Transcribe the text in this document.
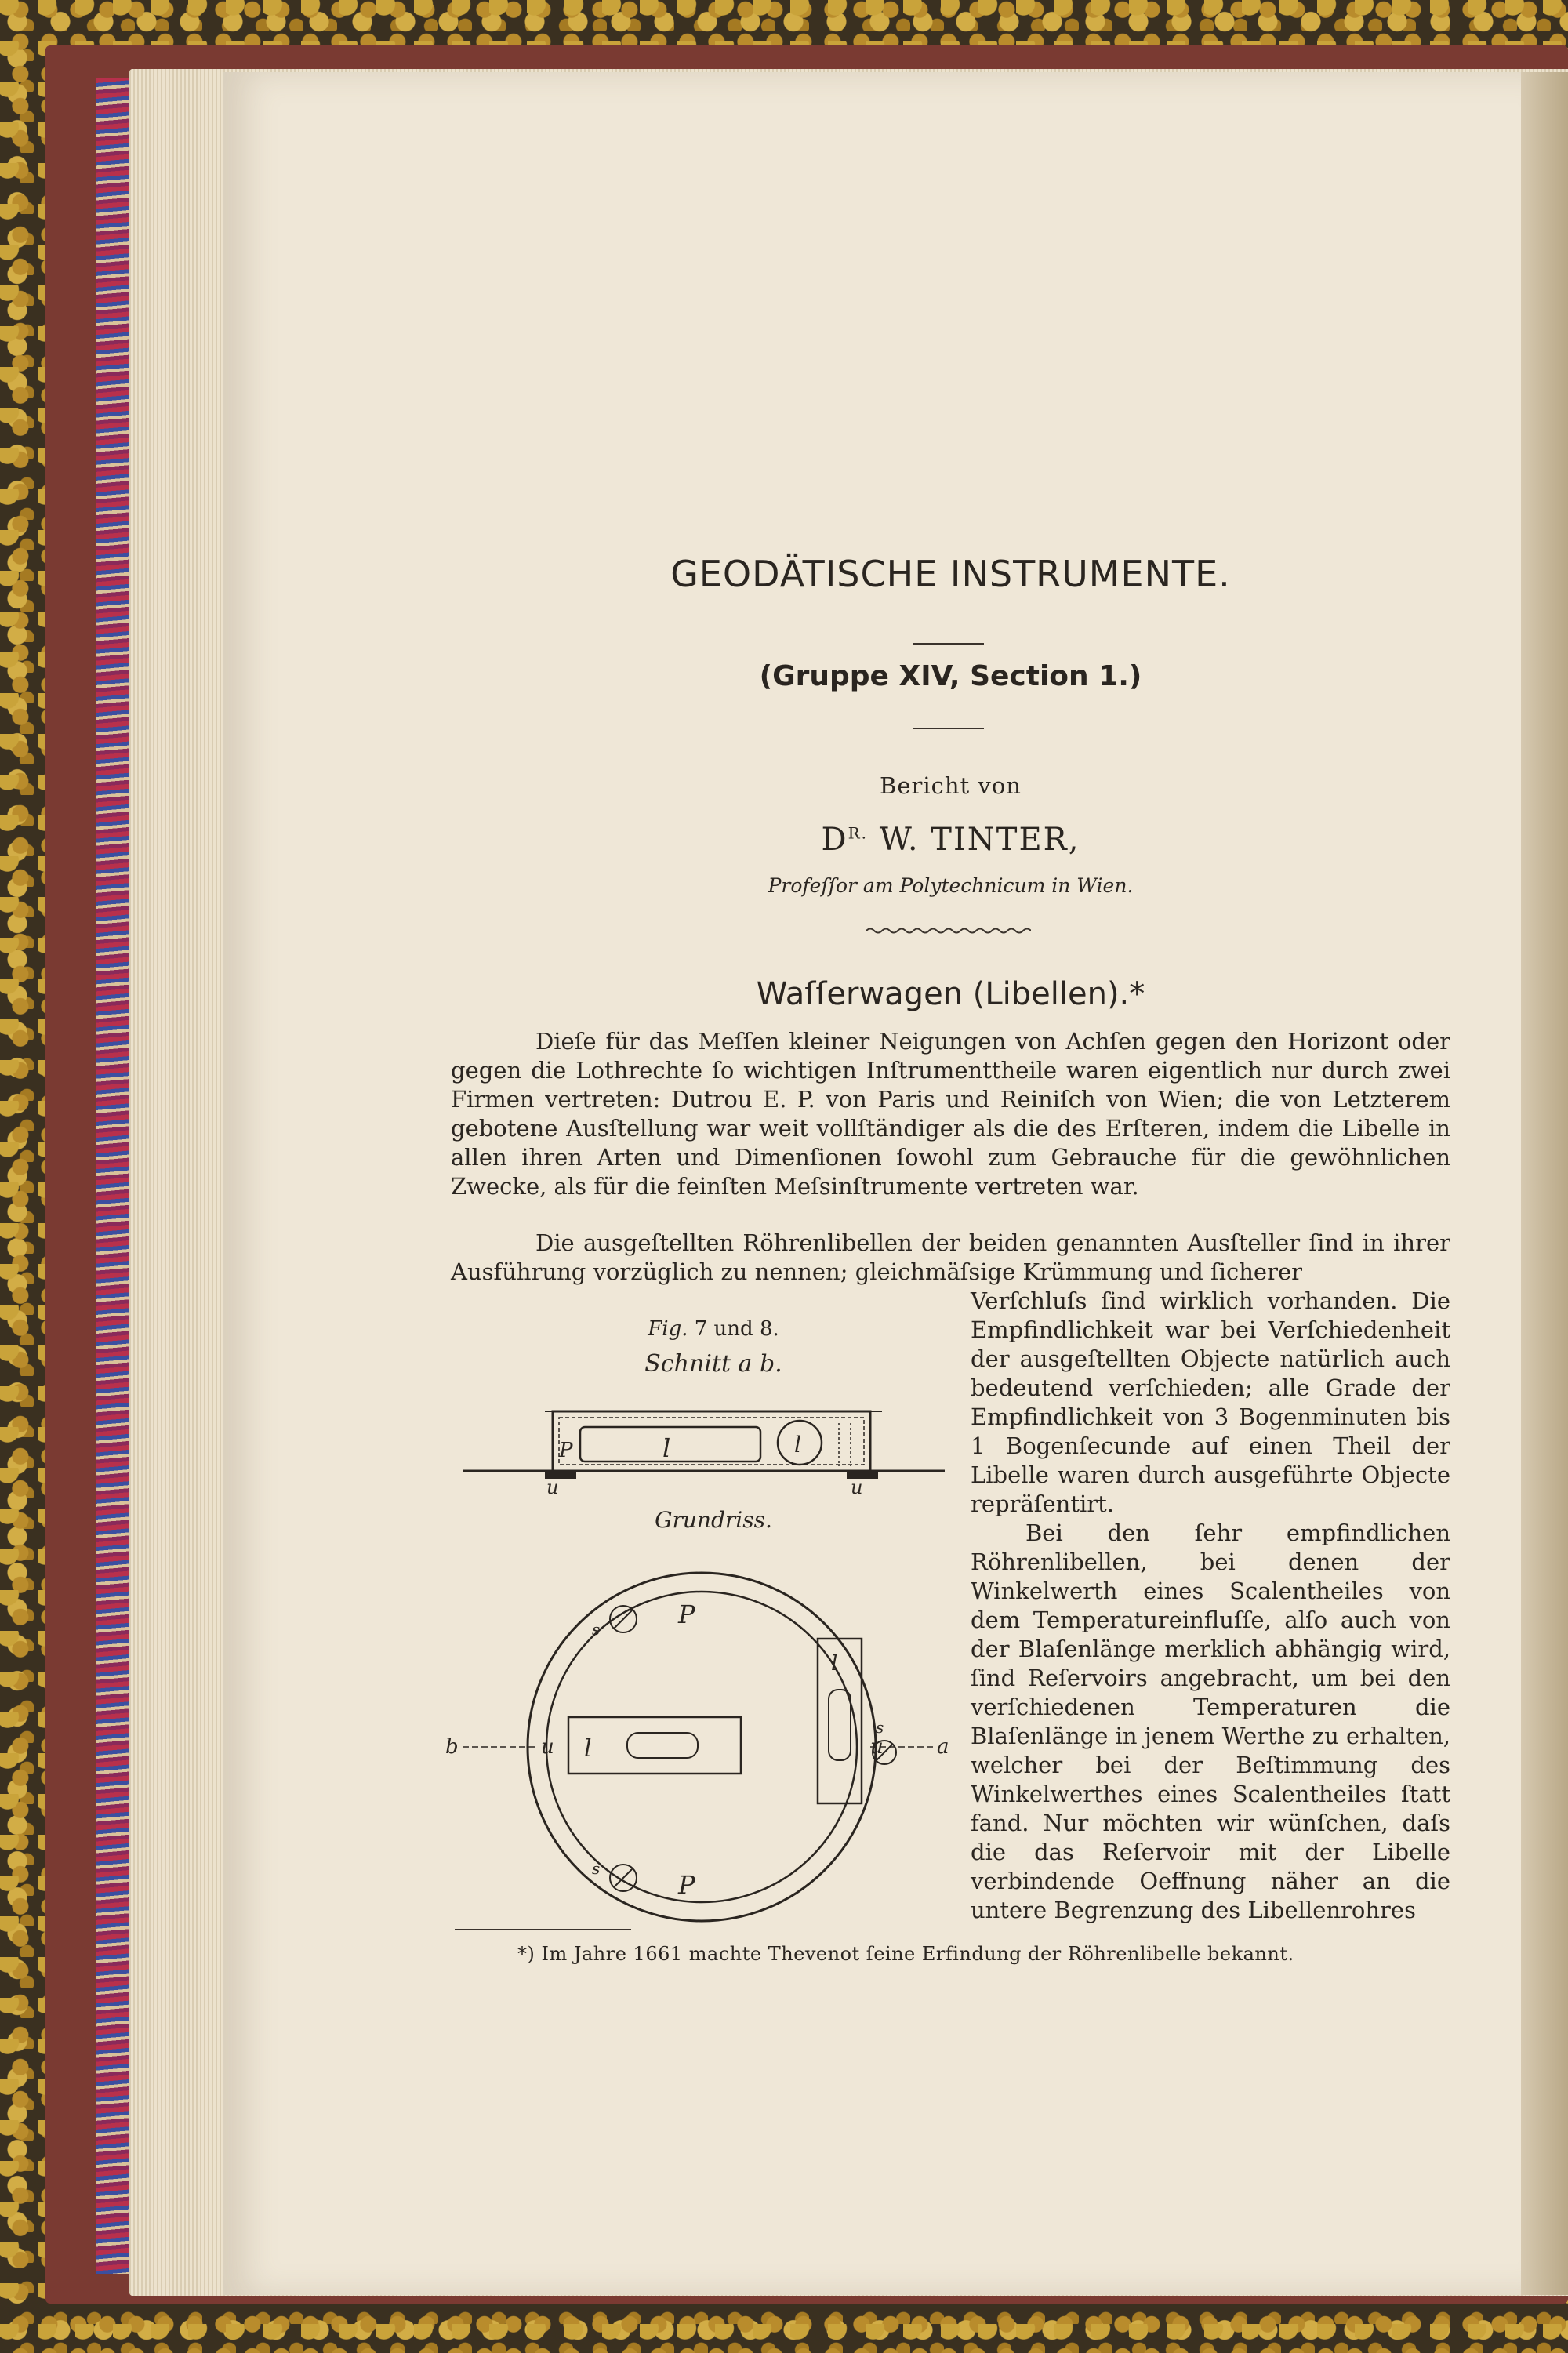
GEODÄTISCHE INSTRUMENTE.
(Gruppe XIV, Section 1.)
Bericht von
$D^{R.}$ W. TINTER,
Profeſſor am Polytechnicum in Wien.
Waſſerwagen (Libellen).*
Dieſe für das Meſſen kleiner Neigungen von Achſen gegen den Horizont oder gegen die Lothrechte ſo wichtigen Inſtrumenttheile waren eigentlich nur durch zwei Firmen vertreten: Dutrou E. P. von Paris und Reiniſch von Wien; die von Letzterem gebotene Ausſtellung war weit vollſtändiger als die des Erſteren, indem die Libelle in allen ihren Arten und Dimenſionen ſowohl zum Gebrauche für die gewöhnlichen Zwecke, als für die feinſten Meſsinſtrumente vertreten war.
Die ausgeſtellten Röhrenlibellen der beiden genannten Ausſteller ſind in ihrer Ausführung vorzüglich zu nennen; gleichmäſsige Krümmung und ſicherer
Verſchluſs ſind wirklich vorhanden. Die Empfindlichkeit war bei Verſchiedenheit der ausgeſtellten Objecte natürlich auch bedeutend verſchieden; alle Grade der Empfindlichkeit von 3 Bogenminuten bis 1 Bogenſecunde auf einen Theil der Libelle waren durch ausgeführte Objecte repräſentirt.
Bei den ſehr empfindlichen Röhrenlibellen, bei denen der Winkelwerth eines Scalentheiles von dem Temperatureinfluſſe, alſo auch von der Blaſenlänge merklich abhängig wird, ſind Reſervoirs angebracht, um bei den verſchiedenen Temperaturen die Blaſenlänge in jenem Werthe zu erhalten, welcher bei der Beſtimmung des Winkelwerthes eines Scalentheiles ſtatt fand. Nur möchten wir wünſchen, daſs die das Reſervoir mit der Libelle verbindende Oeffnung näher an die untere Begrenzung des Libellenrohres
Fig. 7 und 8.
Schnitt a b.
P	l	l
u	u
Grundriss.
P
P
l
l
u	u
b	a
s
s
s
*) Im Jahre 1661 machte Thevenot ſeine Erfindung der Röhrenlibelle bekannt.
